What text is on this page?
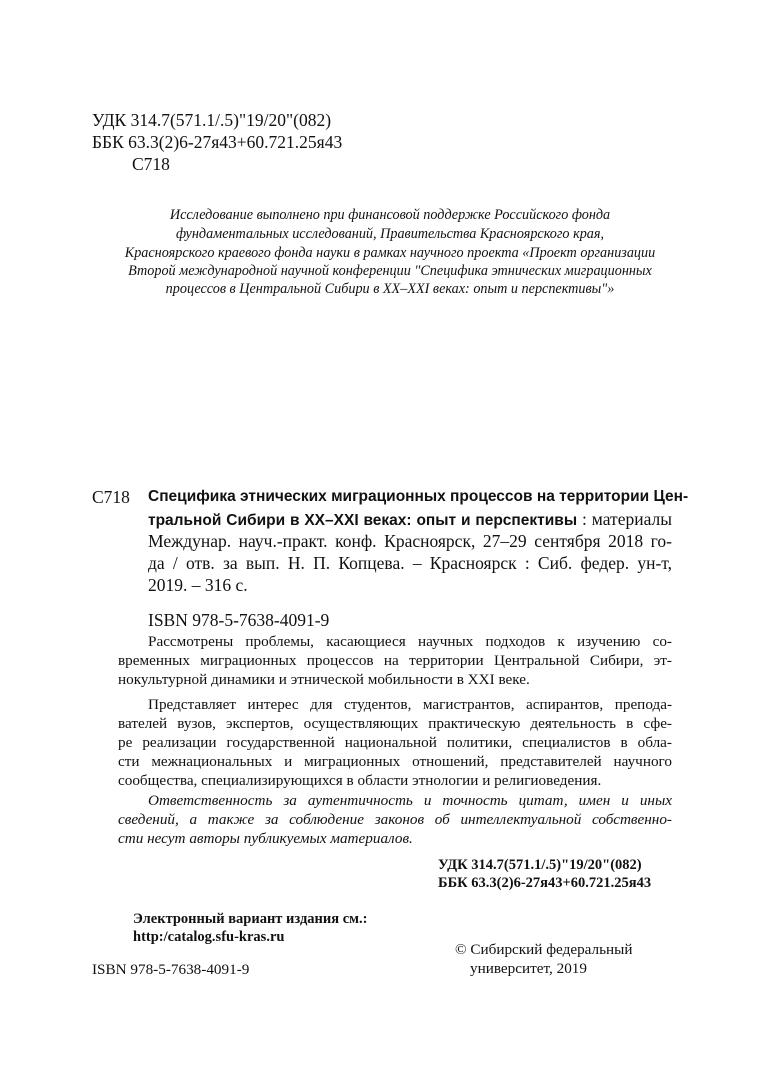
УДК 314.7(571.1/.5)"19/20"(082)
ББК 63.3(2)6-27я43+60.721.25я43
С718
Исследование выполнено при финансовой поддержке Российского фонда
фундаментальных исследований, Правительства Красноярского края,
Красноярского краевого фонда науки в рамках научного проекта «Проект организации
Второй международной научной конференции "Специфика этнических миграционных
процессов в Центральной Сибири в XX–XXI веках: опыт и перспективы"»
С718 Специфика этнических миграционных процессов на территории Цен-
тральной Сибири в XX–XXI веках: опыт и перспективы : материалы
Междунар. науч.-практ. конф. Красноярск, 27–29 сентября 2018 го-
да / отв. за вып. Н. П. Копцева. – Красноярск : Сиб. федер. ун-т,
2019. – 316 с.
ISBN 978-5-7638-4091-9
Рассмотрены проблемы, касающиеся научных подходов к изучению со-
временных миграционных процессов на территории Центральной Сибири, эт-
нокультурной динамики и этнической мобильности в XXI веке.
Представляет интерес для студентов, магистрантов, аспирантов, препода-
вателей вузов, экспертов, осуществляющих практическую деятельность в сфе-
ре реализации государственной национальной политики, специалистов в обла-
сти межнациональных и миграционных отношений, представителей научного
сообщества, специализирующихся в области этнологии и религиоведения.
Ответственность за аутентичность и точность цитат, имен и иных
сведений, а также за соблюдение законов об интеллектуальной собственно-
сти несут авторы публикуемых материалов.
УДК 314.7(571.1/.5)"19/20"(082)
ББК 63.3(2)6-27я43+60.721.25я43
Электронный вариант издания см.:
http:/catalog.sfu-kras.ru
© Сибирский федеральный
университет, 2019
ISBN 978-5-7638-4091-9
